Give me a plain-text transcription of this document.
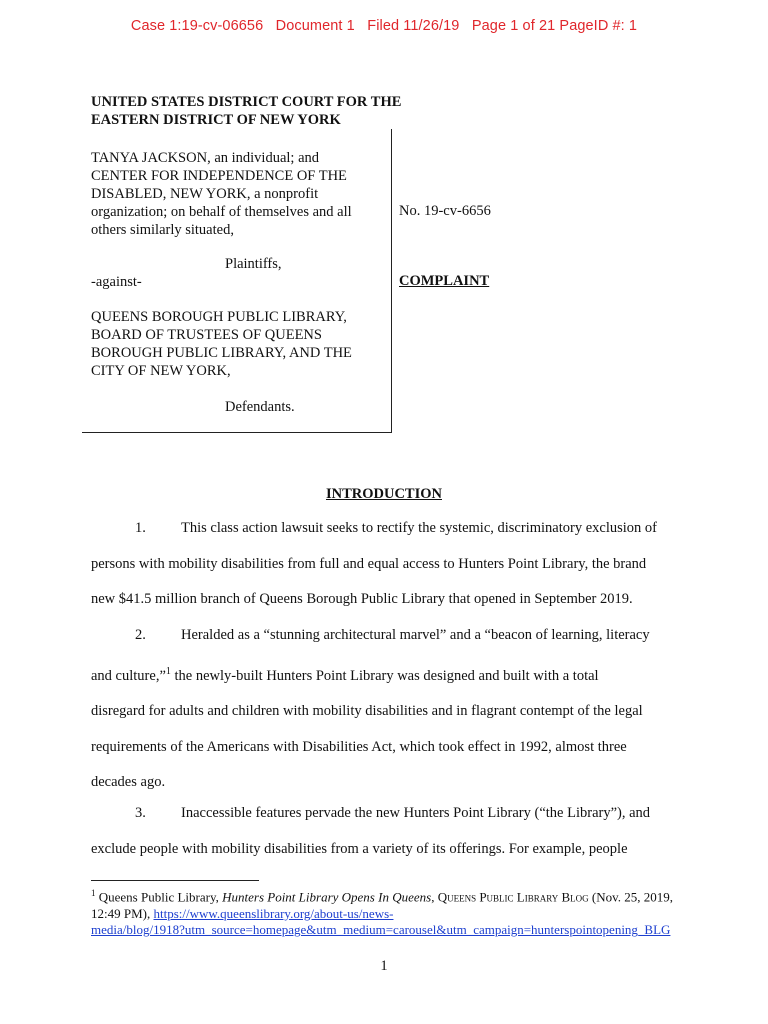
Case 1:19-cv-06656 Document 1 Filed 11/26/19 Page 1 of 21 PageID #: 1
UNITED STATES DISTRICT COURT FOR THE
EASTERN DISTRICT OF NEW YORK
TANYA JACKSON, an individual; and
CENTER FOR INDEPENDENCE OF THE
DISABLED, NEW YORK, a nonprofit
organization; on behalf of themselves and all
others similarly situated,
Plaintiffs,
-against-
QUEENS BOROUGH PUBLIC LIBRARY,
BOARD OF TRUSTEES OF QUEENS
BOROUGH PUBLIC LIBRARY, AND THE
CITY OF NEW YORK,
Defendants.
No. 19-cv-6656
COMPLAINT
INTRODUCTION
1. This class action lawsuit seeks to rectify the systemic, discriminatory exclusion of
persons with mobility disabilities from full and equal access to Hunters Point Library, the brand
new $41.5 million branch of Queens Borough Public Library that opened in September 2019.
2. Heralded as a “stunning architectural marvel” and a “beacon of learning, literacy
and culture,”$^1$ the newly-built Hunters Point Library was designed and built with a total
disregard for adults and children with mobility disabilities and in flagrant contempt of the legal
requirements of the Americans with Disabilities Act, which took effect in 1992, almost three
decades ago.
3. Inaccessible features pervade the new Hunters Point Library (“the Library”), and
exclude people with mobility disabilities from a variety of its offerings. For example, people
$^1$ Queens Public Library, Hunters Point Library Opens In Queens, Queens Public Library Blog (Nov. 25, 2019,
12:49 PM), https://www.queenslibrary.org/about-us/news-
media/blog/1918?utm_source=homepage&utm_medium=carousel&utm_campaign=hunterspointopening_BLG
1
